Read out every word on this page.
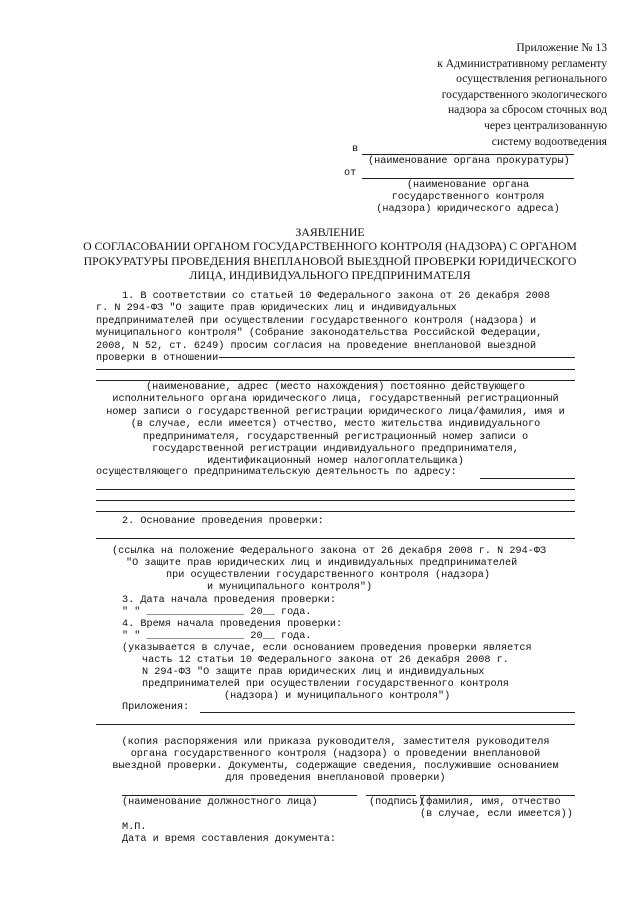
Приложение № 13
к Административному регламенту
осуществления регионального
государственного экологического
надзора за сбросом сточных вод
через централизованную
систему водоотведения
в
(наименование органа прокуратуры)
от
(наименование органа
государственного контроля
(надзора) юридического адреса)
ЗАЯВЛЕНИЕ
О СОГЛАСОВАНИИ ОРГАНОМ ГОСУДАРСТВЕННОГО КОНТРОЛЯ (НАДЗОРА) С ОРГАНОМ
ПРОКУРАТУРЫ ПРОВЕДЕНИЯ ВНЕПЛАНОВОЙ ВЫЕЗДНОЙ ПРОВЕРКИ ЮРИДИЧЕСКОГО
ЛИЦА, ИНДИВИДУАЛЬНОГО ПРЕДПРИНИМАТЕЛЯ
1. В соответствии со статьей 10 Федерального закона от 26 декабря 2008
г. N 294-ФЗ "О защите прав юридических лиц и индивидуальных
предпринимателей при осуществлении государственного контроля (надзора) и
муниципального контроля" (Собрание законодательства Российской Федерации,
2008, N 52, ст. 6249) просим согласия на проведение внеплановой выездной
проверки в отношении
(наименование, адрес (место нахождения) постоянно действующего
исполнительного органа юридического лица, государственный регистрационный
номер записи о государственной регистрации юридического лица/фамилия, имя и
(в случае, если имеется) отчество, место жительства индивидуального
предпринимателя, государственный регистрационный номер записи о
государственной регистрации индивидуального предпринимателя,
идентификационный номер налогоплательщика)
осуществляющего предпринимательскую деятельность по адресу:
2. Основание проведения проверки:
(ссылка на положение Федерального закона от 26 декабря 2008 г. N 294-ФЗ
"О защите прав юридических лиц и индивидуальных предпринимателей
при осуществлении государственного контроля (надзора)
и муниципального контроля")
3. Дата начала проведения проверки:
" " ________________ 20__ года.
4. Время начала проведения проверки:
" " ________________ 20__ года.
(указывается в случае, если основанием проведения проверки является
часть 12 статьи 10 Федерального закона от 26 декабря 2008 г.
N 294-ФЗ "О защите прав юридических лиц и индивидуальных
предпринимателей при осуществлении государственного контроля
(надзора) и муниципального контроля")
Приложения:
(копия распоряжения или приказа руководителя, заместителя руководителя
органа государственного контроля (надзора) о проведении внеплановой
выездной проверки. Документы, содержащие сведения, послужившие основанием
для проведения внеплановой проверки)
(наименование должностного лица)	(подпись)
(фамилия, имя, отчество
(в случае, если имеется))
М.П.
Дата и время составления документа:
